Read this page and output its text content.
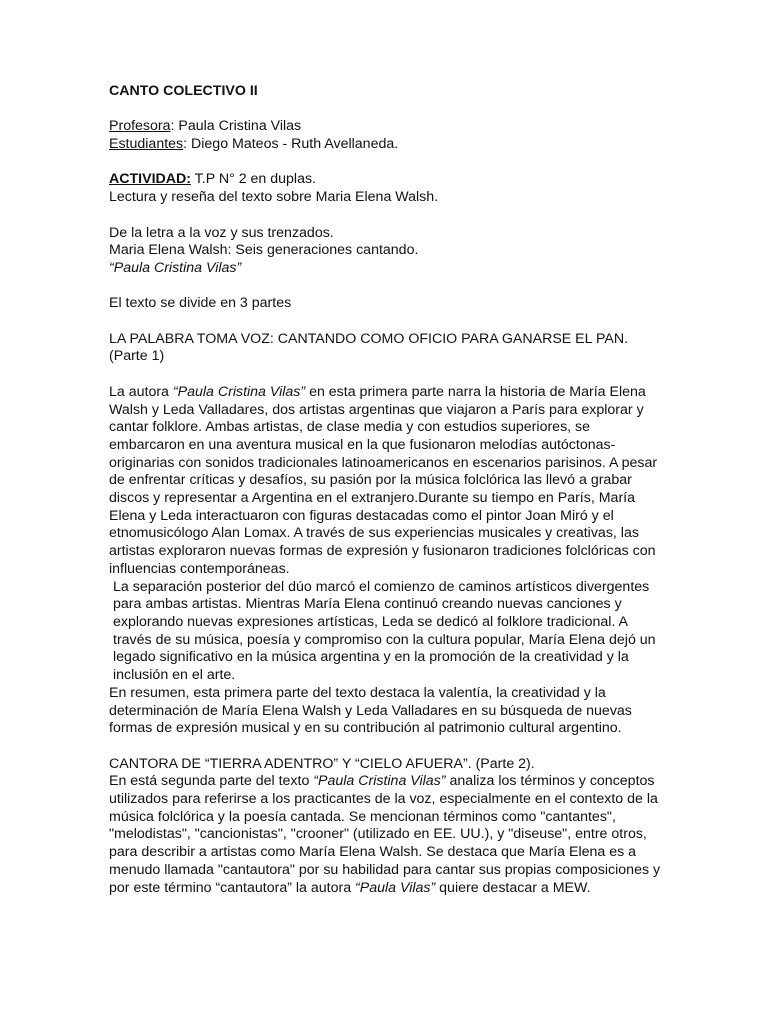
CANTO COLECTIVO II

Profesora: Paula Cristina Vilas

Estudiantes: Diego Mateos - Ruth Avellaneda.

ACTIVIDAD: T.P N° 2 en duplas.

Lectura y reseña del texto sobre Maria Elena Walsh.

De la letra a la voz y sus trenzados.

Maria Elena Walsh: Seis generaciones cantando.

“Paula Cristina Vilas”

El texto se divide en 3 partes

LA PALABRA TOMA VOZ: CANTANDO COMO OFICIO PARA GANARSE EL PAN. (Parte 1)

La autora “Paula Cristina Vilas” en esta primera parte narra la historia de María Elena Walsh y Leda Valladares, dos artistas argentinas que viajaron a París para explorar y cantar folklore. Ambas artistas, de clase media y con estudios superiores, se embarcaron en una aventura musical en la que fusionaron melodías autóctonas-originarias con sonidos tradicionales latinoamericanos en escenarios parisinos. A pesar de enfrentar críticas y desafíos, su pasión por la música folclórica las llevó a grabar discos y representar a Argentina en el extranjero.Durante su tiempo en París, María Elena y Leda interactuaron con figuras destacadas como el pintor Joan Miró y el etnomusicólogo Alan Lomax. A través de sus experiencias musicales y creativas, las artistas exploraron nuevas formas de expresión y fusionaron tradiciones folclóricas con influencias contemporáneas.

La separación posterior del dúo marcó el comienzo de caminos artísticos divergentes para ambas artistas. Mientras María Elena continuó creando nuevas canciones y explorando nuevas expresiones artísticas, Leda se dedicó al folklore tradicional. A través de su música, poesía y compromiso con la cultura popular, María Elena dejó un legado significativo en la música argentina y en la promoción de la creatividad y la inclusión en el arte.

En resumen, esta primera parte del texto destaca la valentía, la creatividad y la determinación de María Elena Walsh y Leda Valladares en su búsqueda de nuevas formas de expresión musical y en su contribución al patrimonio cultural argentino.

CANTORA DE “TIERRA ADENTRO” Y “CIELO AFUERA”. (Parte 2).

En está segunda parte del texto “Paula Cristina Vilas” analiza los términos y conceptos utilizados para referirse a los practicantes de la voz, especialmente en el contexto de la música folclórica y la poesía cantada. Se mencionan términos como "cantantes", "melodistas", "cancionistas", "crooner" (utilizado en EE. UU.), y "diseuse", entre otros, para describir a artistas como María Elena Walsh. Se destaca que María Elena es a menudo llamada "cantautora" por su habilidad para cantar sus propias composiciones y por este término “cantautora” la autora “Paula Vilas” quiere destacar a MEW.
